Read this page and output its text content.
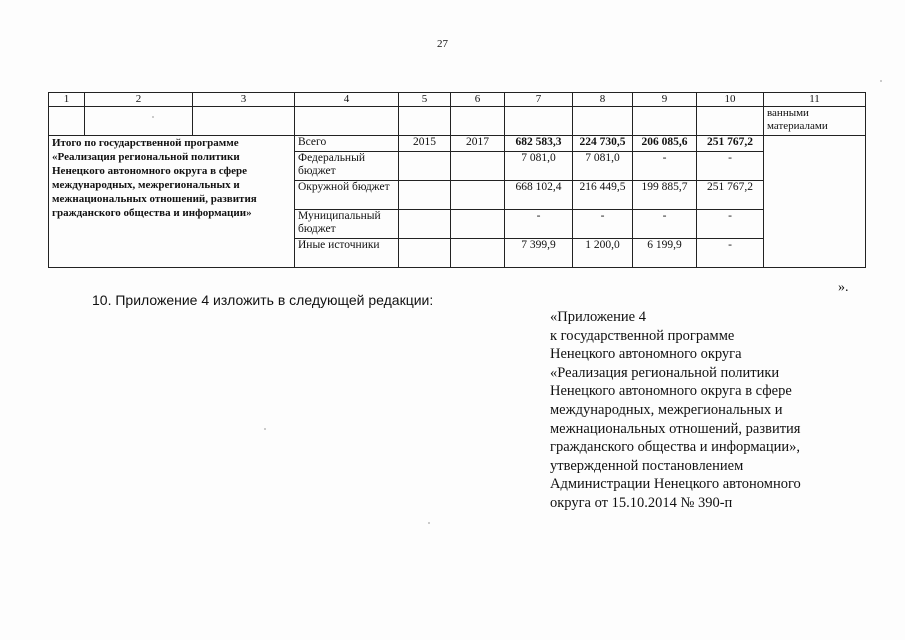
27
1	2	3	4	5	6	7	8	9	10	11
										ванными материалами
Итого по государственной программе «Реализация региональной политики Ненецкого автономного округа в сфере международных, межрегиональных и межнациональных отношений, развития гражданского общества и информации»			Всего	2015	2017	682 583,3	224 730,5	206 085,6	251 767,2	
			Федеральный бюджет			7 081,0	7 081,0	-	-	
			Окружной бюджет			668 102,4	216 449,5	199 885,7	251 767,2	
			Муниципальный бюджет			-	-	-	-	
			Иные источники			7 399,9	1 200,0	6 199,9	-	
».
10. Приложение 4 изложить в следующей редакции:
«Приложение 4
к государственной программе
Ненецкого автономного округа
«Реализация региональной политики
Ненецкого автономного округа в сфере
международных, межрегиональных и
межнациональных отношений, развития
гражданского общества и информации»,
утвержденной постановлением
Администрации Ненецкого автономного
округа от 15.10.2014 № 390-п
